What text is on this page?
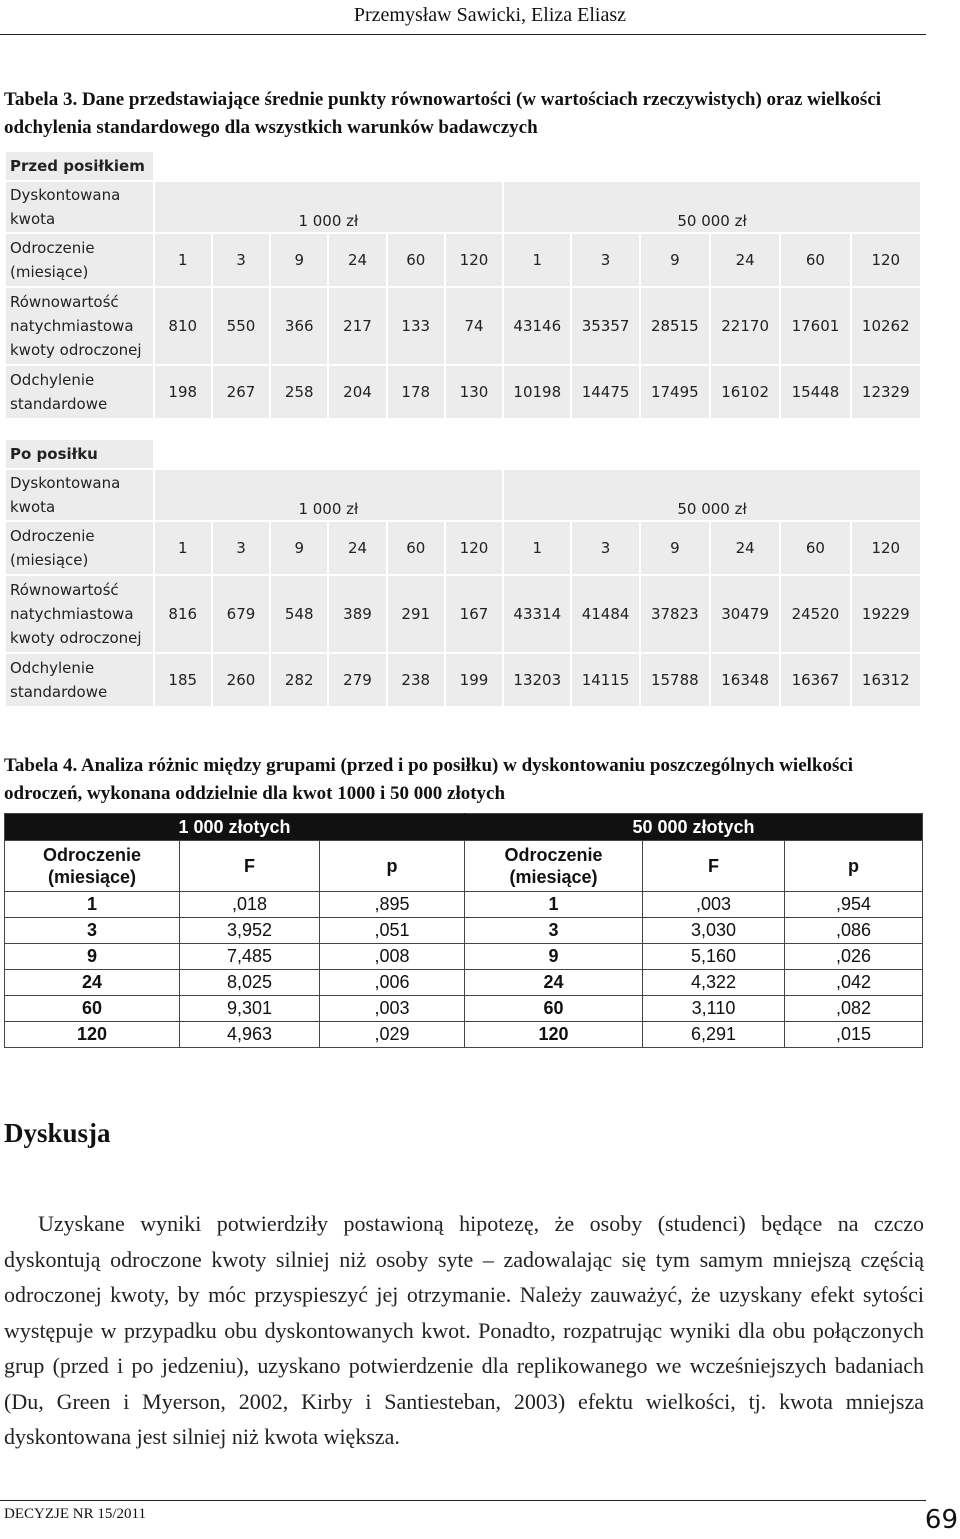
Przemysław Sawicki, Eliza Eliasz
Tabela 3. Dane przedstawiające średnie punkty równowartości (w wartościach rzeczywistych) oraz wielkości odchylenia standardowego dla wszystkich warunków badawczych
Przed posiłkiem												
Dyskontowana kwota	1 000 zł						50 000 zł					
Odroczenie (miesiące)	1	3	9	24	60	120	1	3	9	24	60	120
Równowartość natychmiastowa kwoty odroczonej	810	550	366	217	133	74	43146	35357	28515	22170	17601	10262
Odchylenie standardowe	198	267	258	204	178	130	10198	14475	17495	16102	15448	12329
Po posiłku												
Dyskontowana kwota	1 000 zł						50 000 zł					
Odroczenie (miesiące)	1	3	9	24	60	120	1	3	9	24	60	120
Równowartość natychmiastowa kwoty odroczonej	816	679	548	389	291	167	43314	41484	37823	30479	24520	19229
Odchylenie standardowe	185	260	282	279	238	199	13203	14115	15788	16348	16367	16312
Tabela 4. Analiza różnic między grupami (przed i po posiłku) w dyskontowaniu poszczególnych wielkości odroczeń, wykonana oddzielnie dla kwot 1000 i 50 000 złotych
1 000 złotych			50 000 złotych		
Odroczenie (miesiące)	F	p	Odroczenie (miesiące)	F	p
1	,018	,895	1	,003	,954
3	3,952	,051	3	3,030	,086
9	7,485	,008	9	5,160	,026
24	8,025	,006	24	4,322	,042
60	9,301	,003	60	3,110	,082
120	4,963	,029	120	6,291	,015
Dyskusja
Uzyskane wyniki potwierdziły postawioną hipotezę, że osoby (studenci) będące na czczo dyskontują odroczone kwoty silniej niż osoby syte – zadowalając się tym samym mniejszą częścią odroczonej kwoty, by móc przyspieszyć jej otrzymanie. Należy zauważyć, że uzyskany efekt sytości występuje w przypadku obu dyskontowanych kwot. Ponadto, rozpatrując wyniki dla obu połączonych grup (przed i po jedzeniu), uzyskano potwierdzenie dla replikowanego we wcześniejszych badaniach (Du, Green i Myerson, 2002, Kirby i Santiesteban, 2003) efektu wielkości, tj. kwota mniejsza dyskontowana jest silniej niż kwota większa.
DECYZJE NR 15/2011	69
